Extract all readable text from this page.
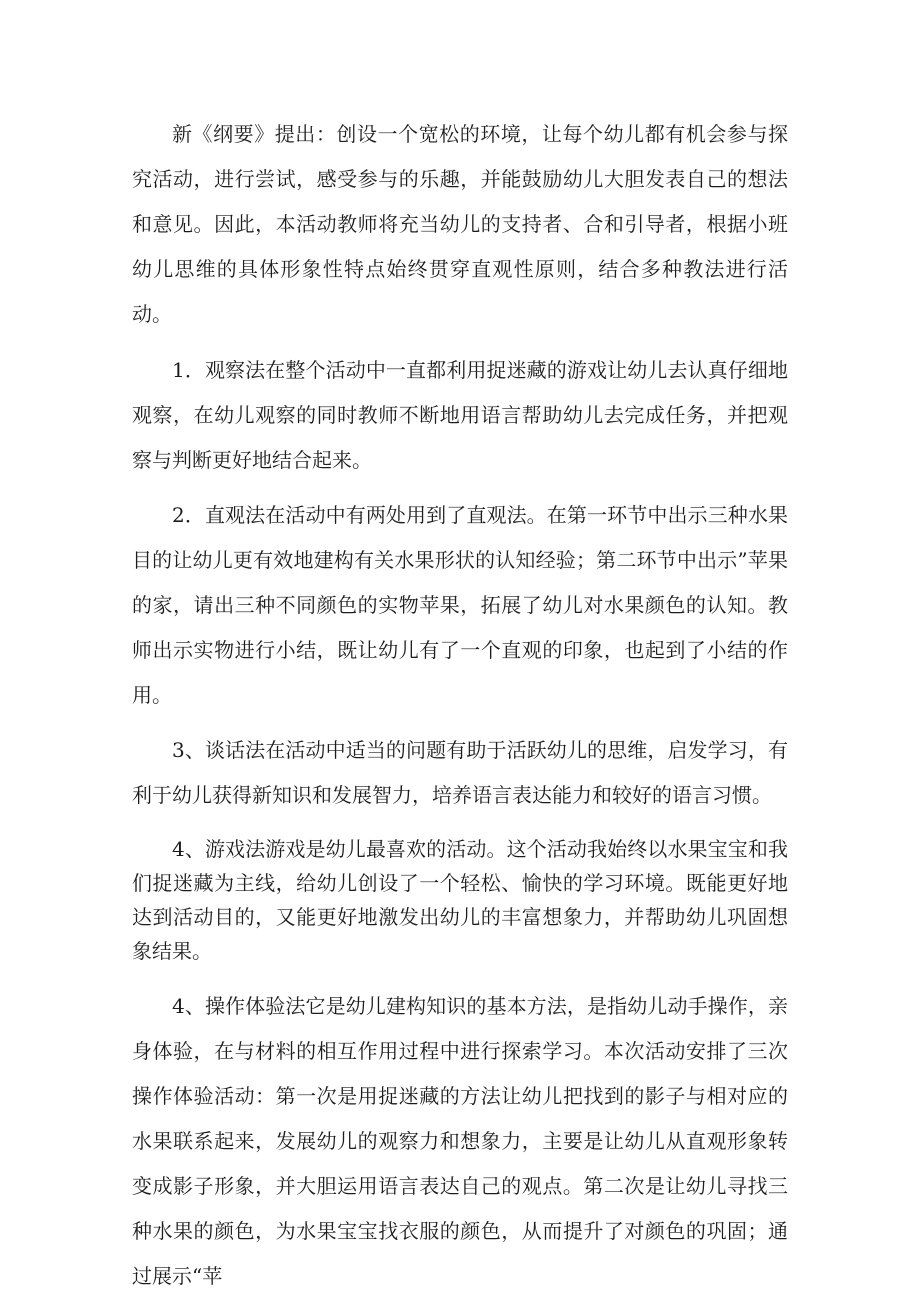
新《纲要》提出：创设一个宽松的环境，让每个幼儿都有机会参与探究活动，进行尝试，感受参与的乐趣，并能鼓励幼儿大胆发表自己的想法和意见。因此，本活动教师将充当幼儿的支持者、合和引导者，根据小班幼儿思维的具体形象性特点始终贯穿直观性原则，结合多种教法进行活动。

1．观察法在整个活动中一直都利用捉迷藏的游戏让幼儿去认真仔细地观察，在幼儿观察的同时教师不断地用语言帮助幼儿去完成任务，并把观察与判断更好地结合起来。

2．直观法在活动中有两处用到了直观法。在第一环节中出示三种水果目的让幼儿更有效地建构有关水果形状的认知经验；第二环节中出示”苹果的家，请出三种不同颜色的实物苹果，拓展了幼儿对水果颜色的认知。教师出示实物进行小结，既让幼儿有了一个直观的印象，也起到了小结的作用。

3、谈话法在活动中适当的问题有助于活跃幼儿的思维，启发学习，有利于幼儿获得新知识和发展智力，培养语言表达能力和较好的语言习惯。

4、游戏法游戏是幼儿最喜欢的活动。这个活动我始终以水果宝宝和我们捉迷藏为主线，给幼儿创设了一个轻松、愉快的学习环境。既能更好地达到活动目的，又能更好地激发出幼儿的丰富想象力，并帮助幼儿巩固想象结果。

4、操作体验法它是幼儿建构知识的基本方法，是指幼儿动手操作，亲身体验，在与材料的相互作用过程中进行探索学习。本次活动安排了三次操作体验活动：第一次是用捉迷藏的方法让幼儿把找到的影子与相对应的水果联系起来，发展幼儿的观察力和想象力，主要是让幼儿从直观形象转变成影子形象，并大胆运用语言表达自己的观点。第二次是让幼儿寻找三种水果的颜色，为水果宝宝找衣服的颜色，从而提升了对颜色的巩固；通过展示“苹
